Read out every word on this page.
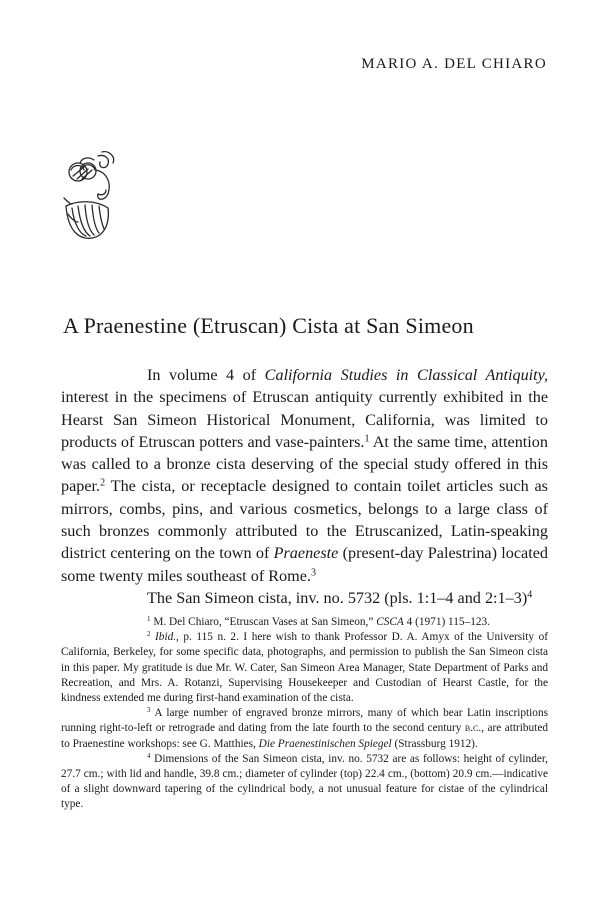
MARIO A. DEL CHIARO
A Praenestine (Etruscan) Cista at San Simeon

In volume 4 of California Studies in Classical Antiquity, interest in the specimens of Etruscan antiquity currently exhibited in the Hearst San Simeon Historical Monument, California, was limited to products of Etruscan potters and vase-painters.$^1$ At the same time, attention was called to a bronze cista deserving of the special study offered in this paper.$^2$ The cista, or receptacle designed to contain toilet articles such as mirrors, combs, pins, and various cosmetics, belongs to a large class of such bronzes commonly attributed to the Etruscanized, Latin-speaking district centering on the town of Praeneste (present-day Palestrina) located some twenty miles southeast of Rome.$^3$

The San Simeon cista, inv. no. 5732 (pls. 1:1–4 and 2:1–3)$^4$

$^1$ M. Del Chiaro, “Etruscan Vases at San Simeon,” CSCA 4 (1971) 115–123.

$^2$ Ibid., p. 115 n. 2. I here wish to thank Professor D. A. Amyx of the University of California, Berkeley, for some specific data, photographs, and permission to publish the San Simeon cista in this paper. My gratitude is due Mr. W. Cater, San Simeon Area Manager, State Department of Parks and Recreation, and Mrs. A. Rotanzi, Supervising Housekeeper and Custodian of Hearst Castle, for the kindness extended me during first-hand examination of the cista.

$^3$ A large number of engraved bronze mirrors, many of which bear Latin inscriptions running right-to-left or retrograde and dating from the late fourth to the second century b.c., are attributed to Praenestine workshops: see G. Matthies, Die Praenestinischen Spiegel (Strassburg 1912).

$^4$ Dimensions of the San Simeon cista, inv. no. 5732 are as follows: height of cylinder, 27.7 cm.; with lid and handle, 39.8 cm.; diameter of cylinder (top) 22.4 cm., (bottom) 20.9 cm.—indicative of a slight downward tapering of the cylindrical body, a not unusual feature for cistae of the cylindrical type.
